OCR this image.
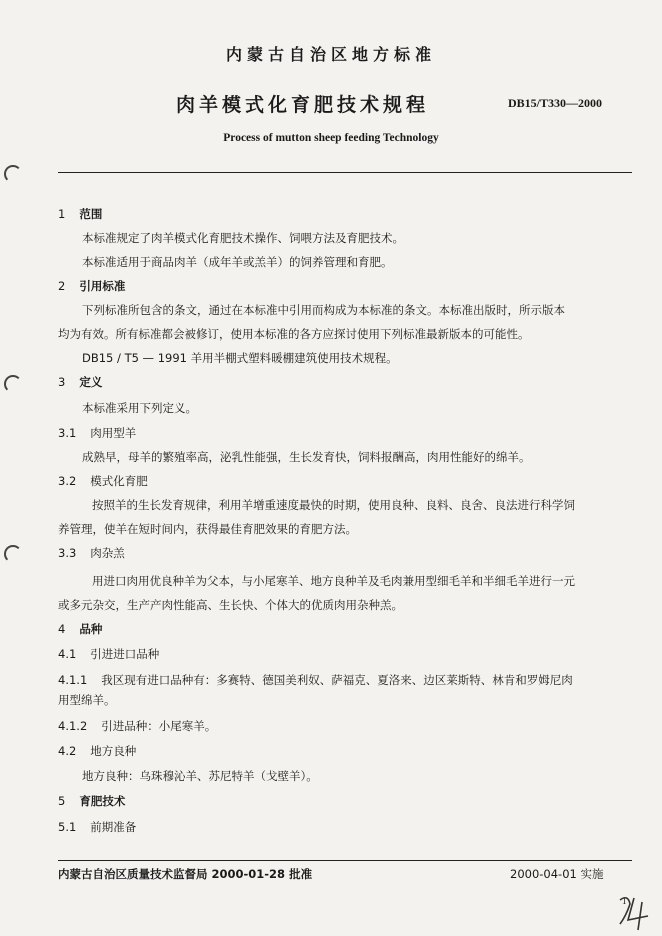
内蒙古自治区地方标准
肉羊模式化育肥技术规程	DB15/T330—2000
Process of mutton sheep feeding Technology
1 范围
本标准规定了肉羊模式化育肥技术操作、饲喂方法及育肥技术。
本标准适用于商品肉羊（成年羊或羔羊）的饲养管理和育肥。
2 引用标准
下列标准所包含的条文，通过在本标准中引用而构成为本标准的条文。本标准出版时，所示版本
均为有效。所有标准都会被修订，使用本标准的各方应探讨使用下列标准最新版本的可能性。
DB15 / T5 — 1991 羊用半棚式塑料暖棚建筑使用技术规程。
3 定义
本标准采用下列定义。
3.1 肉用型羊
成熟早，母羊的繁殖率高，泌乳性能强，生长发育快，饲料报酬高，肉用性能好的绵羊。
3.2 模式化育肥
按照羊的生长发育规律，利用羊增重速度最快的时期，使用良种、良料、良舍、良法进行科学饲
养管理，使羊在短时间内，获得最佳育肥效果的育肥方法。
3.3 肉杂羔
用进口肉用优良种羊为父本，与小尾寒羊、地方良种羊及毛肉兼用型细毛羊和半细毛羊进行一元
或多元杂交，生产产肉性能高、生长快、个体大的优质肉用杂种羔。
4 品种
4.1 引进进口品种
4.1.1 我区现有进口品种有：多赛特、德国美利奴、萨福克、夏洛来、边区莱斯特、林肯和罗姆尼肉
用型绵羊。
4.1.2 引进品种：小尾寒羊。
4.2 地方良种
地方良种：乌珠穆沁羊、苏尼特羊（戈壁羊）。
5 育肥技术
5.1 前期准备
内蒙古自治区质量技术监督局 2000-01-28 批准	2000-04-01 实施
1
